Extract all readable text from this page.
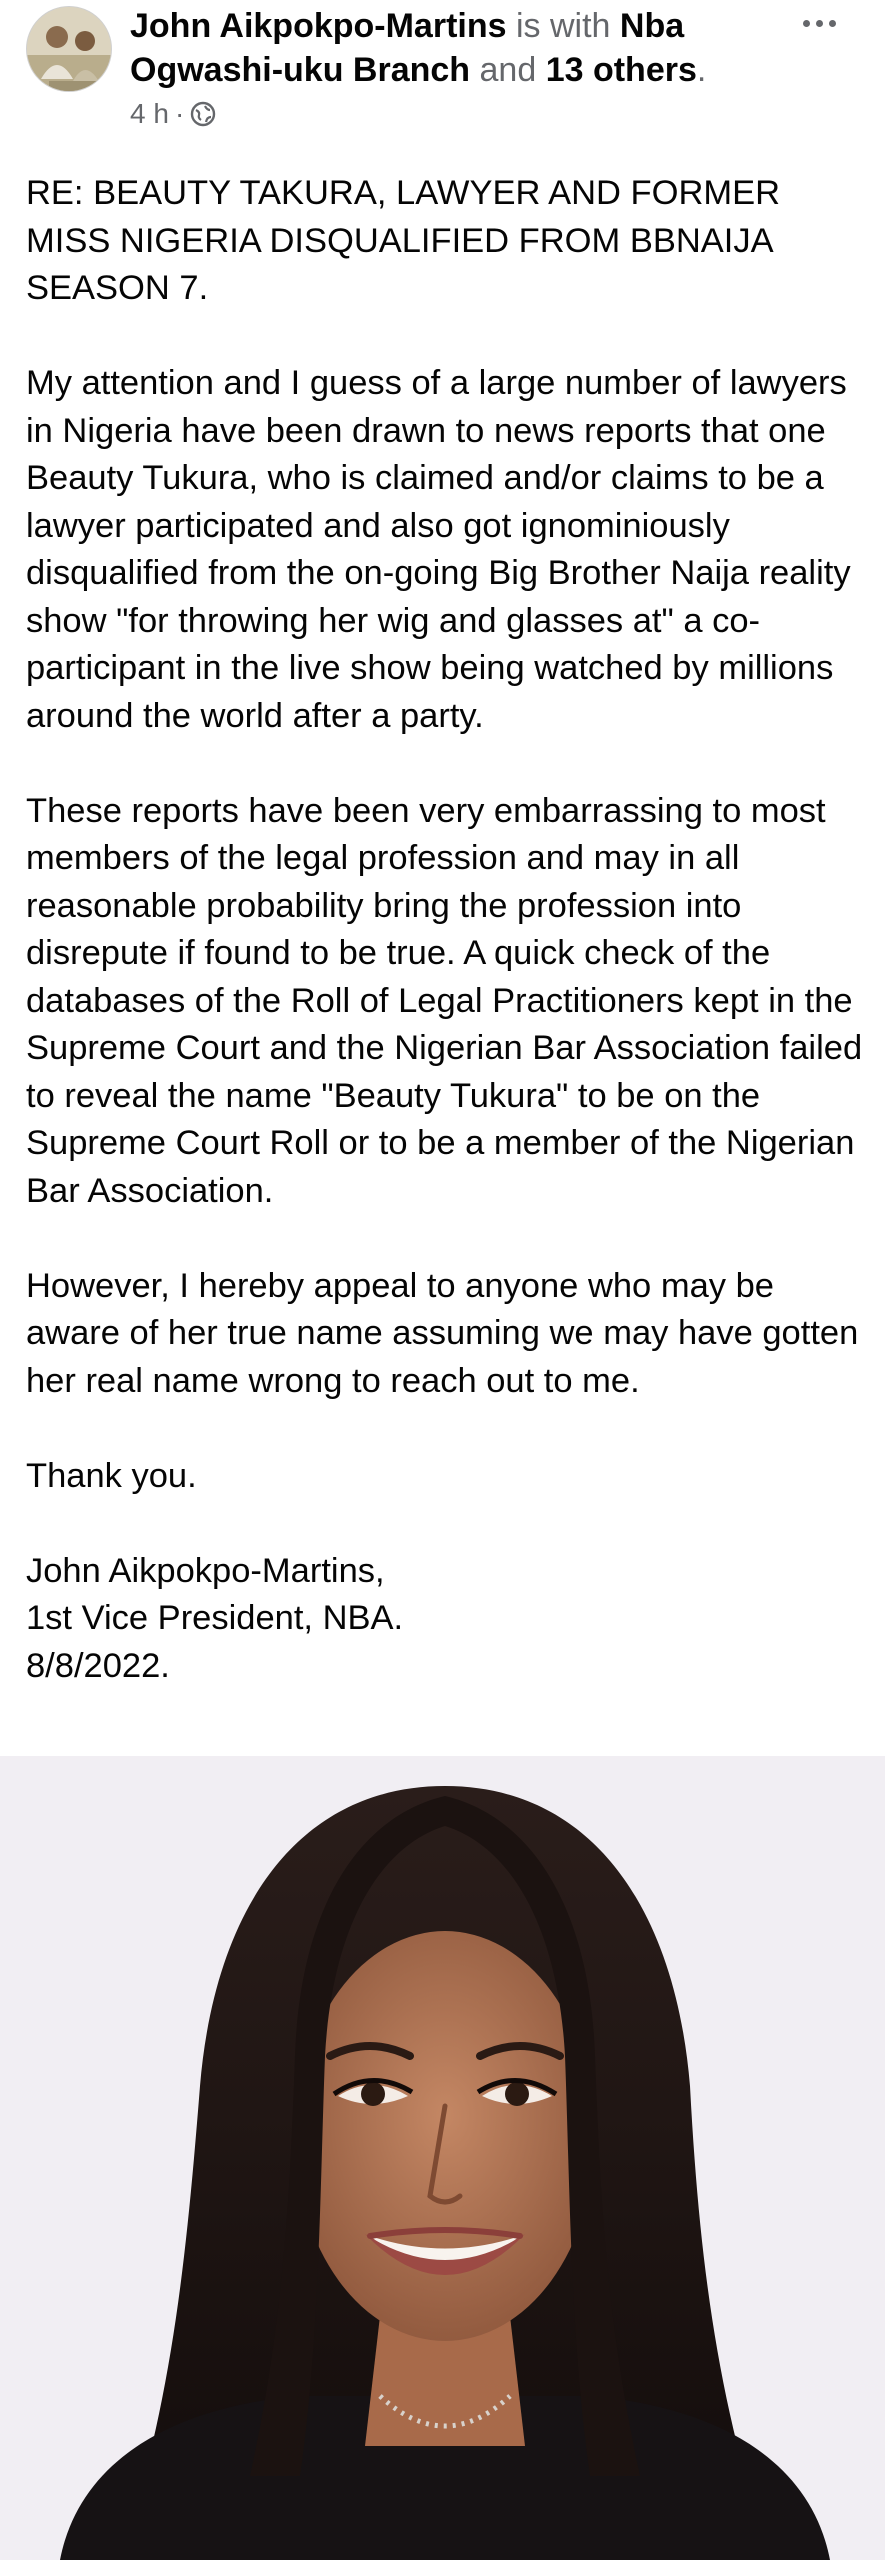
John Aikpokpo-Martins is with Nba Ogwashi-uku Branch and 13 others.
4 h ·

RE: BEAUTY TAKURA, LAWYER AND FORMER MISS NIGERIA DISQUALIFIED FROM BBNAIJA SEASON 7.

My attention and I guess of a large number of lawyers in Nigeria have been drawn to news reports that one Beauty Tukura, who is claimed and/or claims to be a lawyer participated and also got ignominiously disqualified from the on-going Big Brother Naija reality show "for throwing her wig and glasses at" a co-participant in the live show being watched by millions around the world after a party.

These reports have been very embarrassing to most members of the legal profession and may in all reasonable probability bring the profession into disrepute if found to be true. A quick check of the databases of the Roll of Legal Practitioners kept in the Supreme Court and the Nigerian Bar Association failed to reveal the name "Beauty Tukura" to be on the Supreme Court Roll or to be a member of the Nigerian Bar Association.

However, I hereby appeal to anyone who may be aware of her true name assuming we may have gotten her real name wrong to reach out to me.

Thank you.

John Aikpokpo-Martins,
1st Vice President, NBA.
8/8/2022.
